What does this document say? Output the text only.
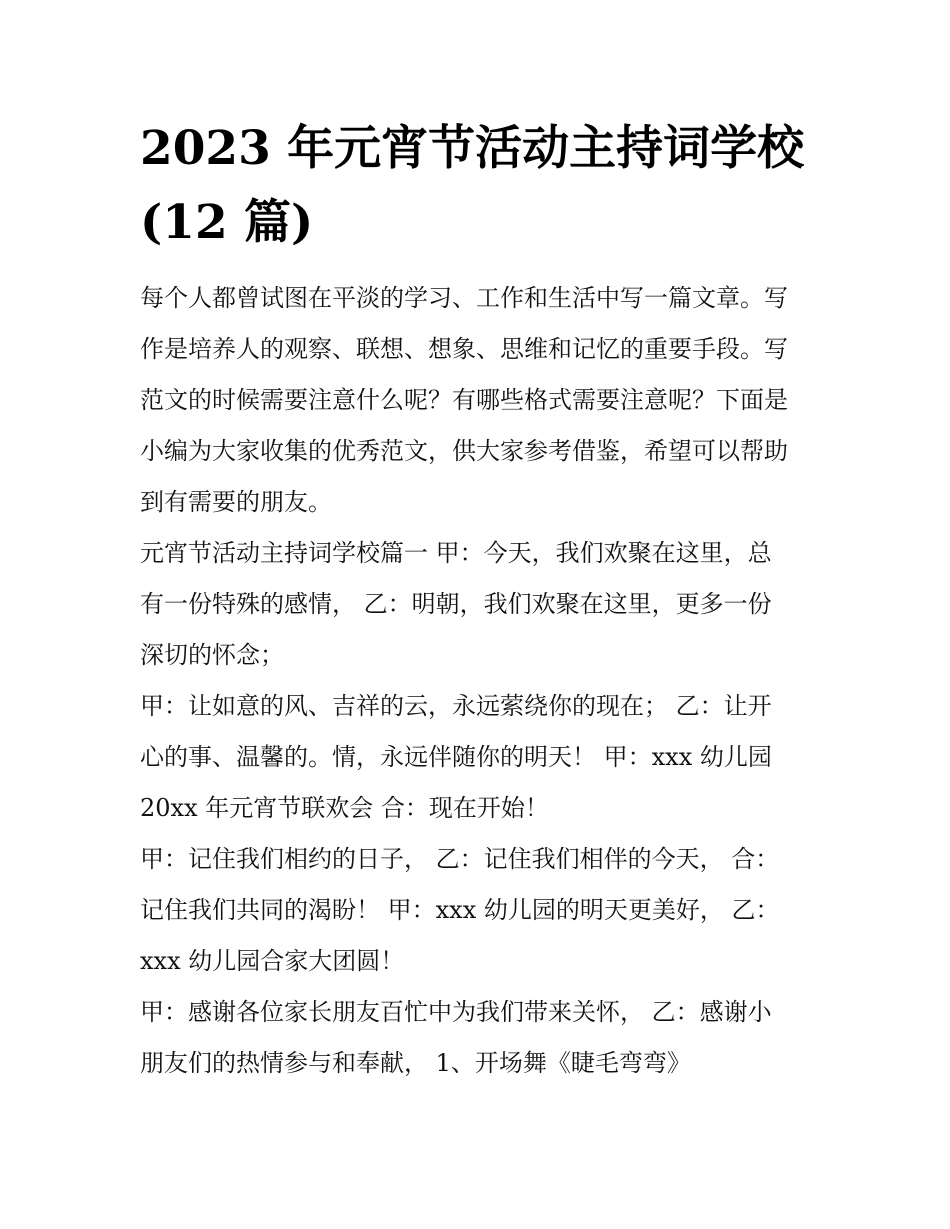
2023 年元宵节活动主持词学校
(12 篇)
每个人都曾试图在平淡的学习、工作和生活中写一篇文章。写
作是培养人的观察、联想、想象、思维和记忆的重要手段。写
范文的时候需要注意什么呢？有哪些格式需要注意呢？下面是
小编为大家收集的优秀范文，供大家参考借鉴，希望可以帮助
到有需要的朋友。
元宵节活动主持词学校篇一 甲：今天，我们欢聚在这里，总
有一份特殊的感情， 乙：明朝，我们欢聚在这里，更多一份
深切的怀念；
甲：让如意的风、吉祥的云，永远萦绕你的现在； 乙：让开
心的事、温馨的。情，永远伴随你的明天！ 甲：xxx 幼儿园
20xx 年元宵节联欢会 合：现在开始！
甲：记住我们相约的日子， 乙：记住我们相伴的今天， 合：
记住我们共同的渴盼！ 甲：xxx 幼儿园的明天更美好， 乙：
xxx 幼儿园合家大团圆！
甲：感谢各位家长朋友百忙中为我们带来关怀， 乙：感谢小
朋友们的热情参与和奉献， 1、开场舞《睫毛弯弯》
